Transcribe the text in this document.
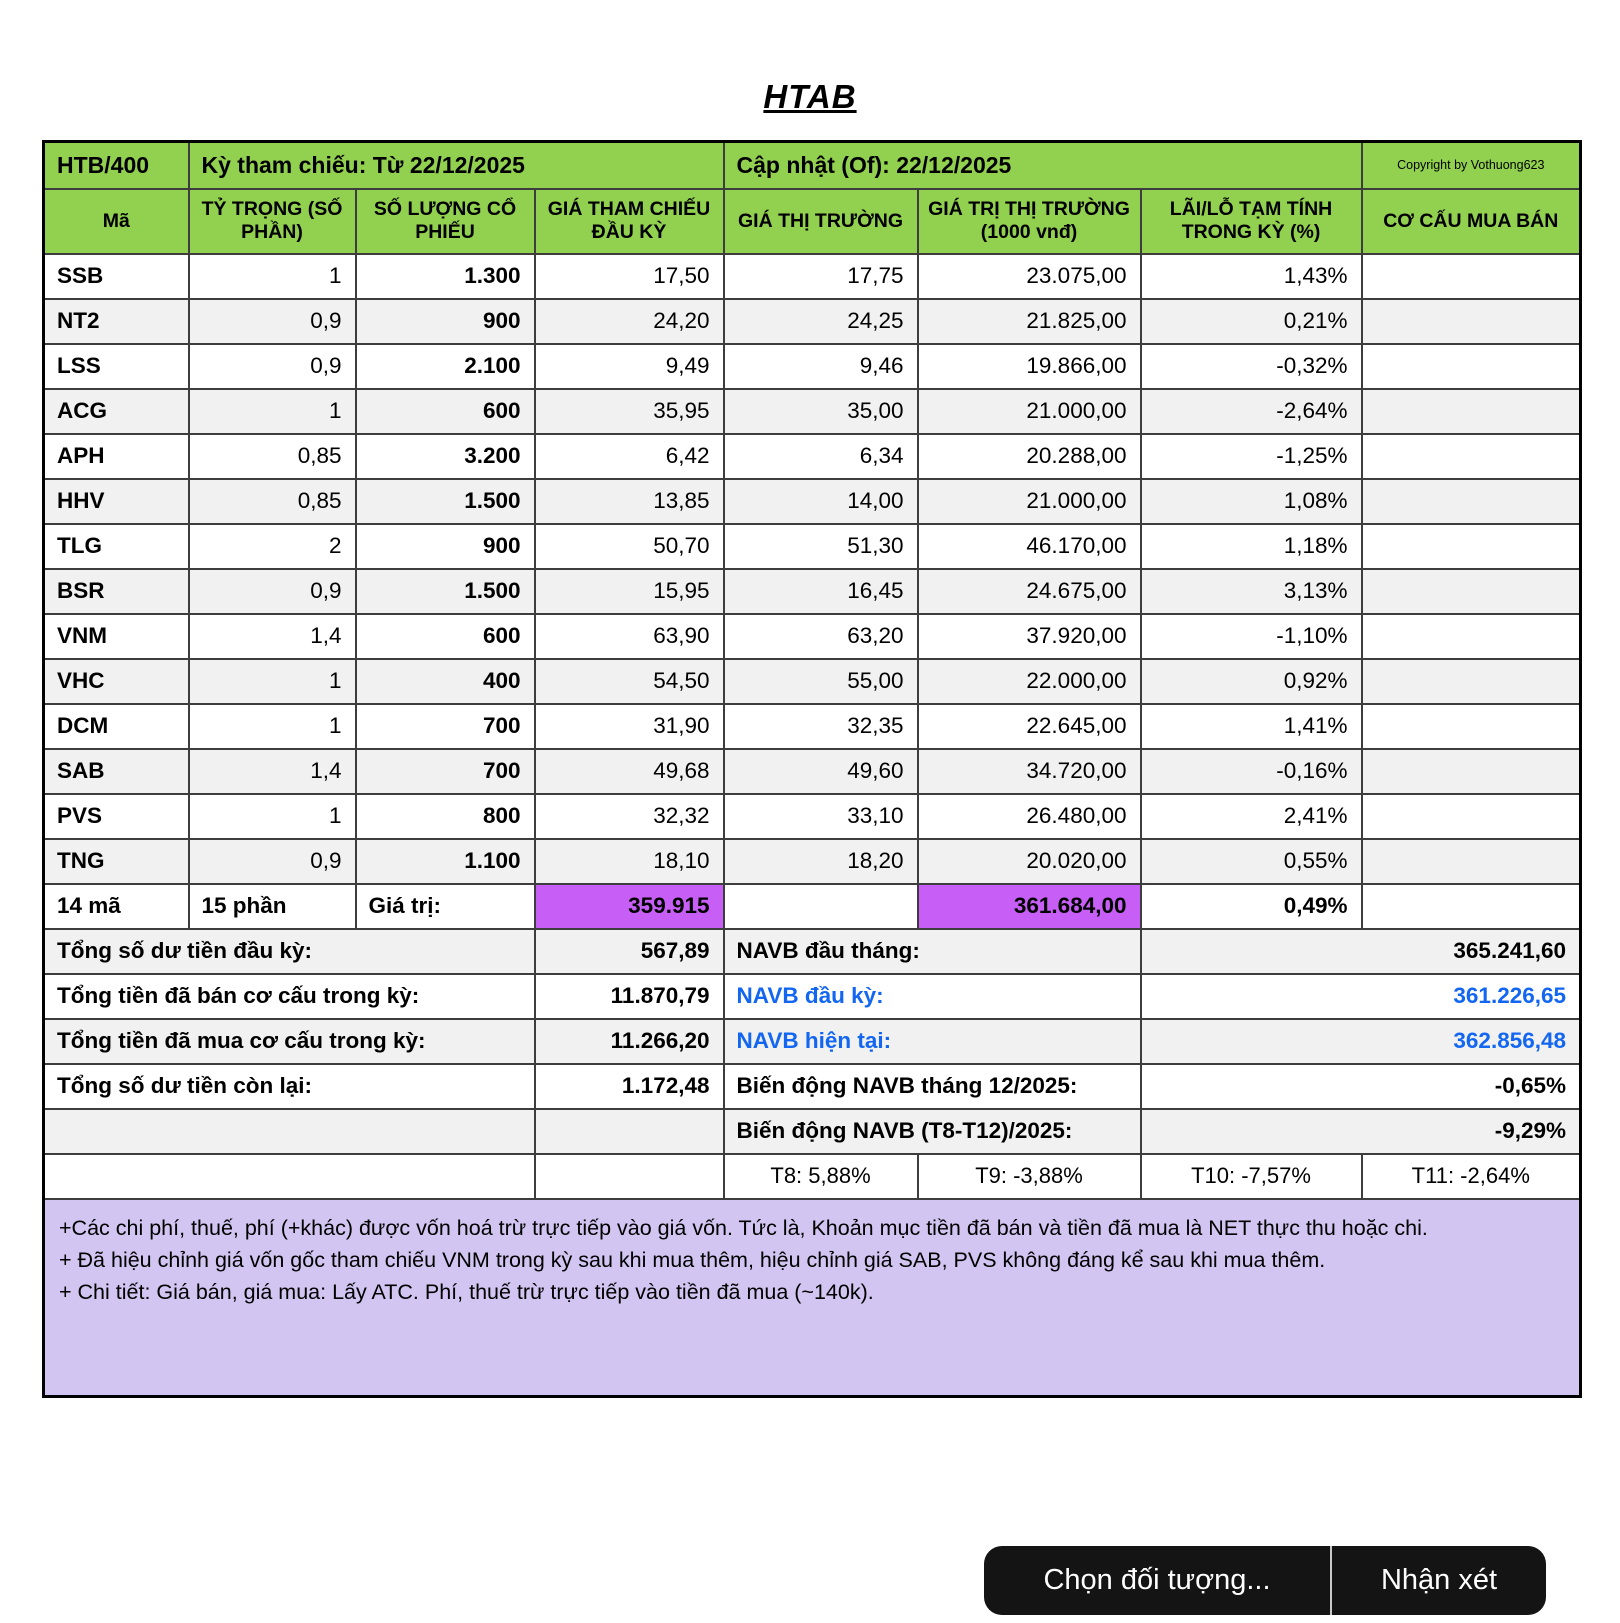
HTAB
HTB/400	Kỳ tham chiếu: Từ 22/12/2025			Cập nhật (Of): 22/12/2025			Copyright by Vothuong623
Mã	TỶ TRỌNG (SỐ PHẦN)	SỐ LƯỢNG CỔ PHIẾU	GIÁ THAM CHIẾU ĐẦU KỲ	GIÁ THỊ TRƯỜNG	GIÁ TRỊ THỊ TRƯỜNG (1000 vnđ)	LÃI/LỖ TẠM TÍNH TRONG KỲ (%)	CƠ CẤU MUA BÁN
SSB	1	1.300	17,50	17,75	23.075,00	1,43%	
NT2	0,9	900	24,20	24,25	21.825,00	0,21%	
LSS	0,9	2.100	9,49	9,46	19.866,00	-0,32%	
ACG	1	600	35,95	35,00	21.000,00	-2,64%	
APH	0,85	3.200	6,42	6,34	20.288,00	-1,25%	
HHV	0,85	1.500	13,85	14,00	21.000,00	1,08%	
TLG	2	900	50,70	51,30	46.170,00	1,18%	
BSR	0,9	1.500	15,95	16,45	24.675,00	3,13%	
VNM	1,4	600	63,90	63,20	37.920,00	-1,10%	
VHC	1	400	54,50	55,00	22.000,00	0,92%	
DCM	1	700	31,90	32,35	22.645,00	1,41%	
SAB	1,4	700	49,68	49,60	34.720,00	-0,16%	
PVS	1	800	32,32	33,10	26.480,00	2,41%	
TNG	0,9	1.100	18,10	18,20	20.020,00	0,55%	
14 mã	15 phần	Giá trị:	359.915		361.684,00	0,49%	
Tổng số dư tiền đầu kỳ:			567,89	NAVB đầu tháng:		365.241,60	
Tổng tiền đã bán cơ cấu trong kỳ:			11.870,79	NAVB đầu kỳ:		361.226,65	
Tổng tiền đã mua cơ cấu trong kỳ:			11.266,20	NAVB hiện tại:		362.856,48	
Tổng số dư tiền còn lại:			1.172,48	Biến động NAVB tháng 12/2025:		-0,65%	
				Biến động NAVB (T8-T12)/2025:		-9,29%	
				T8: 5,88%	T9: -3,88%	T10: -7,57%	T11: -2,64%

+Các chi phí, thuế, phí (+khác) được vốn hoá trừ trực tiếp vào giá vốn. Tức là, Khoản mục tiền đã bán và tiền đã mua là NET thực thu hoặc chi.
+ Đã hiệu chỉnh giá vốn gốc tham chiếu VNM trong kỳ sau khi mua thêm, hiệu chỉnh giá SAB, PVS không đáng kể sau khi mua thêm.
+ Chi tiết: Giá bán, giá mua: Lấy ATC. Phí, thuế trừ trực tiếp vào tiền đã mua (~140k).							
Chọn đối tượng...	Nhận xét
